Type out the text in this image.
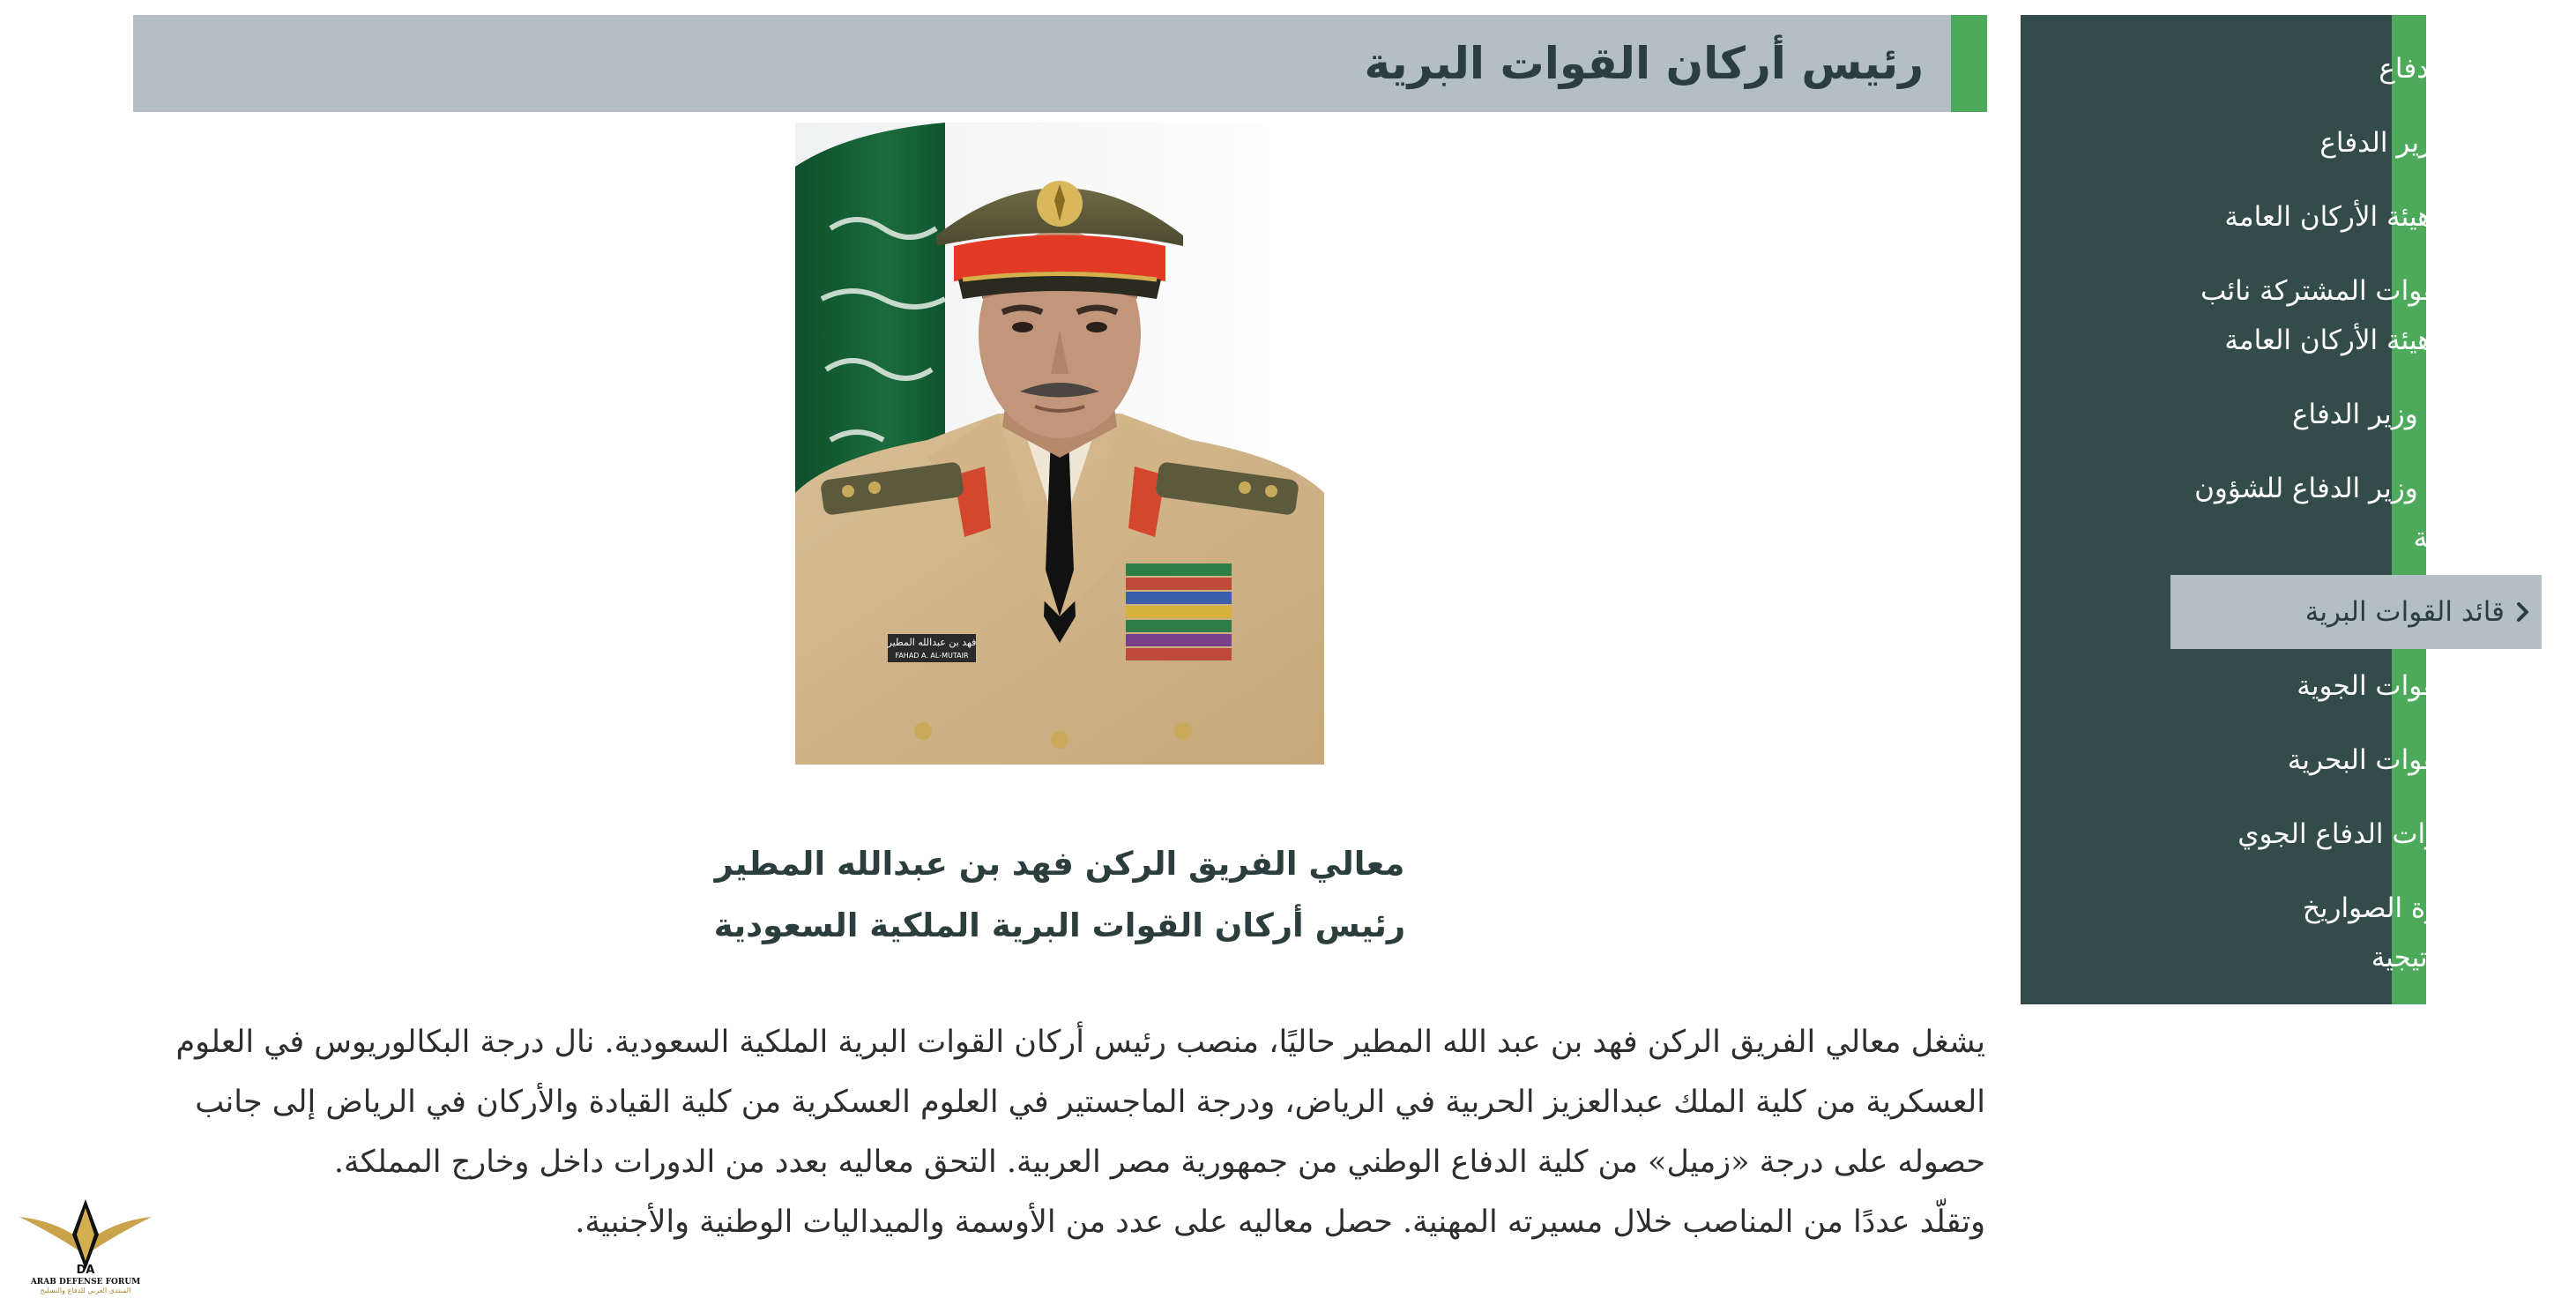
وزير الدفاع
نائب وزير الدفاع
رئيس هيئة الأركان العامة
قائد القوات المشتركة نائب رئيس هيئة الأركان العامة
مساعد وزير الدفاع
مساعد وزير الدفاع للشؤون التنفيذية
قائد القوات البرية
قائد القوات الجوية
قائد القوات البحرية
قائد قوات الدفاع الجوي
قائد قوة الصواريخ الاستراتيجية
رئيس أركان القوات البرية
فهد بن عبدالله المطير
FAHAD A. AL-MUTAIR
معالي الفريق الركن فهد بن عبدالله المطير
رئيس أركان القوات البرية الملكية السعودية

يشغل معالي الفريق الركن فهد بن عبد الله المطير حاليًا، منصب رئيس أركان القوات البرية الملكية السعودية. نال درجة البكالوريوس في العلوم العسكرية من كلية الملك عبدالعزيز الحربية في الرياض، ودرجة الماجستير في العلوم العسكرية من كلية القيادة والأركان في الرياض إلى جانب حصوله على درجة «زميل» من كلية الدفاع الوطني من جمهورية مصر العربية. التحق معاليه بعدد من الدورات داخل وخارج المملكة.

وتقلّد عددًا من المناصب خلال مسيرته المهنية. حصل معاليه على عدد من الأوسمة والميداليات الوطنية والأجنبية.

DA
ARAB DEFENSE FORUM
المنتدى العربي للدفاع والتسليح
